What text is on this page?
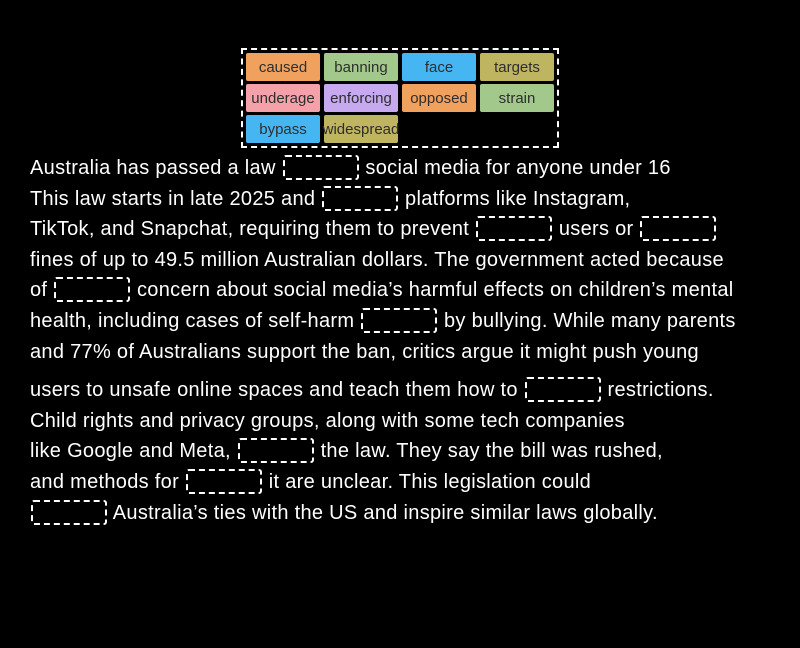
caused	banning	face	targets
underage	enforcing	opposed	strain
bypass	widespread
Australia has passed a law	social media for anyone under 16
This law starts in late 2025 and	platforms like Instagram,
TikTok, and Snapchat, requiring them to prevent	users or
fines of up to 49.5 million Australian dollars. The government acted because
of	concern about social media’s harmful effects on children’s mental
health, including cases of self-harm	by bullying. While many parents
and 77% of Australians support the ban, critics argue it might push young
users to unsafe online spaces and teach them how to	restrictions.
Child rights and privacy groups, along with some tech companies
like Google and Meta,	the law. They say the bill was rushed,
and methods for	it are unclear. This legislation could
Australia’s ties with the US and inspire similar laws globally.
